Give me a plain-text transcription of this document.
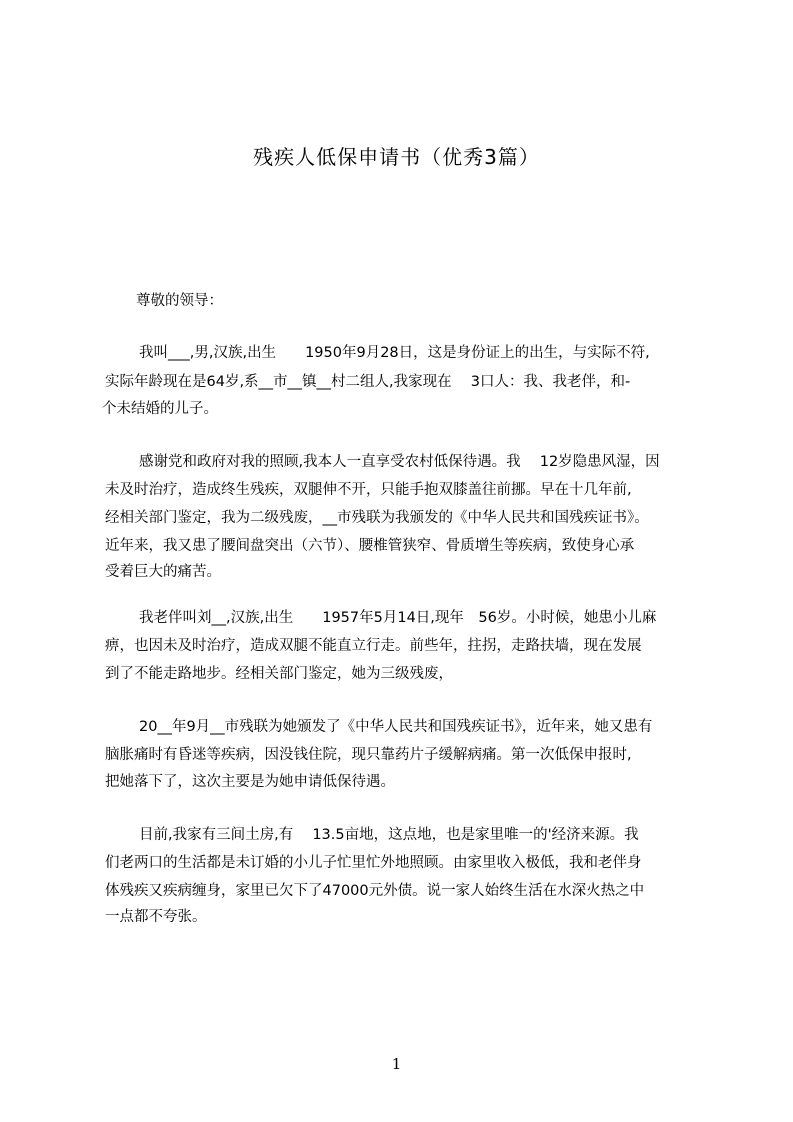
残疾人低保申请书（优秀3篇）
尊敬的领导：
我叫___,男,汉族,出生　　1950年9月28日，这是身份证上的出生，与实际不符,
实际年龄现在是64岁,系__市__镇__村二组人,我家现在　 3口人：我、我老伴，和-
个未结婚的儿子。
感谢党和政府对我的照顾,我本人一直享受农村低保待遇。我　 12岁隐患风湿，因
未及时治疗，造成终生残疾，双腿伸不开，只能手抱双膝盖往前挪。早在十几年前,
经相关部门鉴定，我为二级残废，__市残联为我颁发的《中华人民共和国残疾证书》。
近年来，我又患了腰间盘突出（六节）、腰椎管狭窄、骨质增生等疾病，致使身心承
受着巨大的痛苦。
我老伴叫刘__,汉族,出生　　1957年5月14日,现年　56岁。小时候，她患小儿麻
痹，也因未及时治疗，造成双腿不能直立行走。前些年，拄拐，走路扶墙，现在发展
到了不能走路地步。经相关部门鉴定，她为三级残废，
20__年9月__市残联为她颁发了《中华人民共和国残疾证书》，近年来，她又患有
脑胀痛时有昏迷等疾病，因没钱住院，现只靠药片子缓解病痛。第一次低保申报时,
把她落下了，这次主要是为她申请低保待遇。
目前,我家有三间土房,有　 13.5亩地，这点地，也是家里唯一的'经济来源。我
们老两口的生活都是未订婚的小儿子忙里忙外地照顾。由家里收入极低，我和老伴身
体残疾又疾病缠身，家里已欠下了47000元外债。说一家人始终生活在水深火热之中
一点都不夸张。
1
